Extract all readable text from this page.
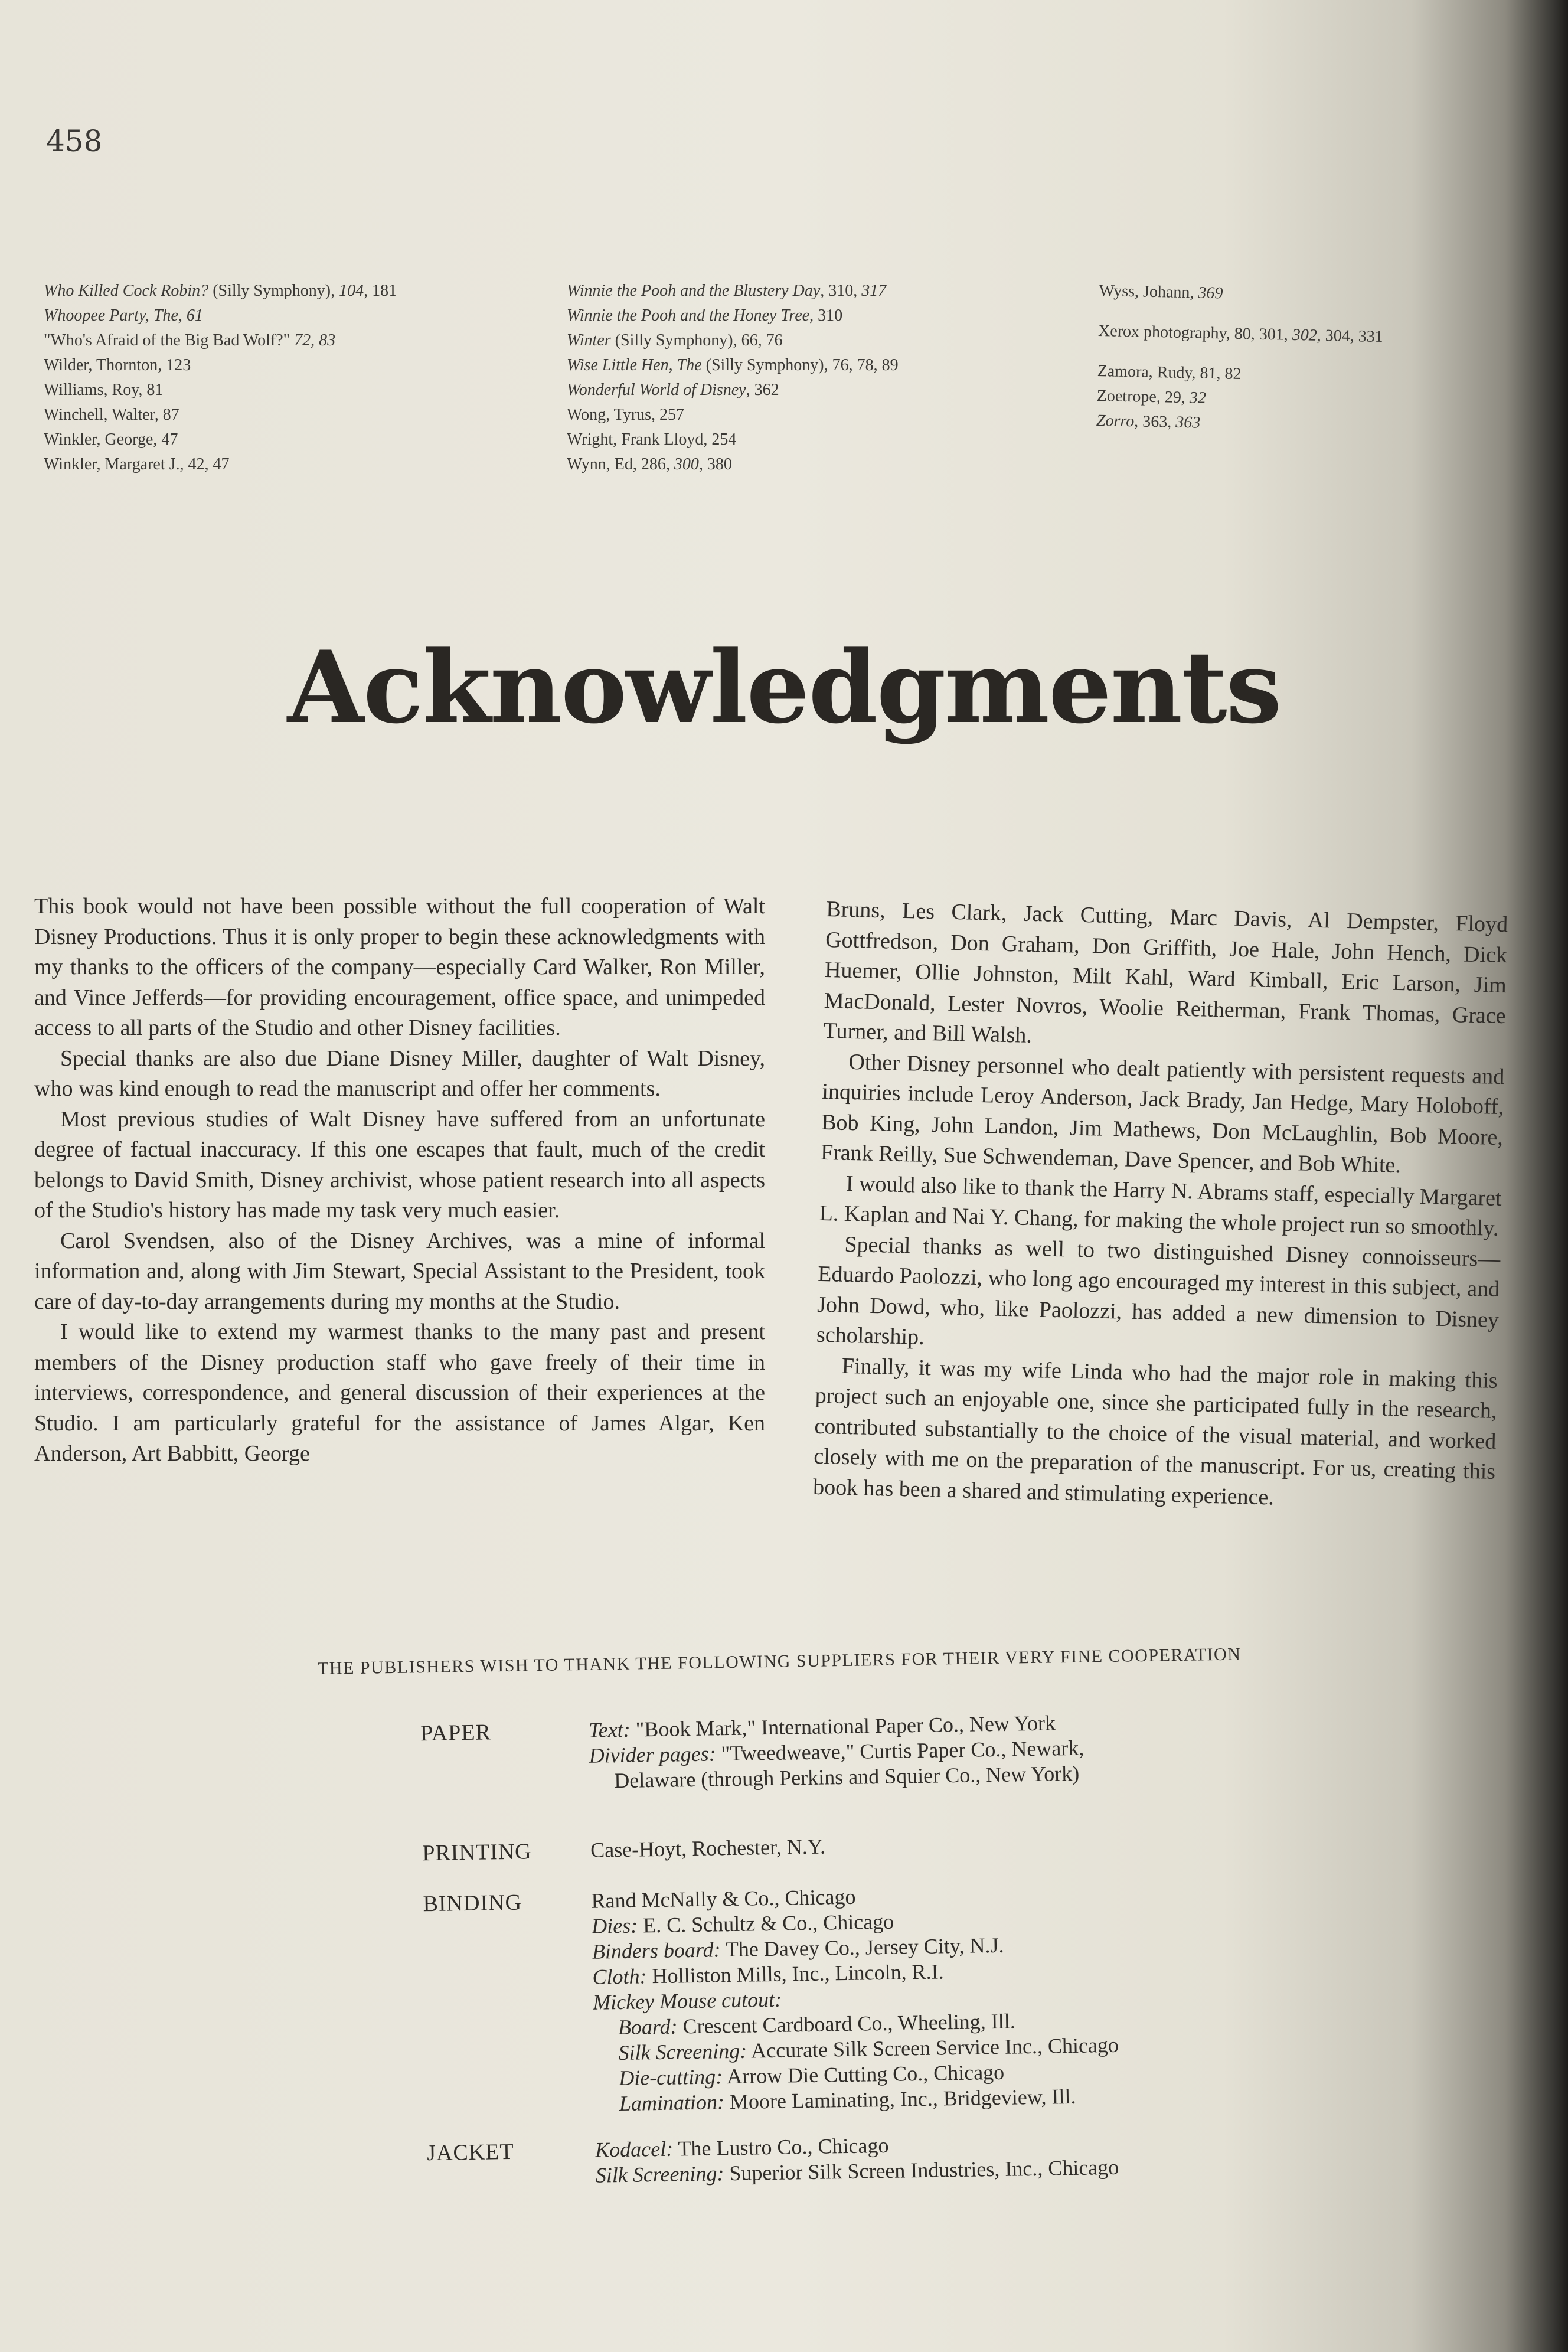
458
Who Killed Cock Robin? (Silly Symphony), 104, 181
Whoopee Party, The, 61
"Who's Afraid of the Big Bad Wolf?" 72, 83
Wilder, Thornton, 123
Williams, Roy, 81
Winchell, Walter, 87
Winkler, George, 47
Winkler, Margaret J., 42, 47
Winnie the Pooh and the Blustery Day, 310, 317
Winnie the Pooh and the Honey Tree, 310
Winter (Silly Symphony), 66, 76
Wise Little Hen, The (Silly Symphony), 76, 78, 89
Wonderful World of Disney, 362
Wong, Tyrus, 257
Wright, Frank Lloyd, 254
Wynn, Ed, 286, 300, 380
Wyss, Johann, 369
Xerox photography, 80, 301, 302, 304, 331
Zamora, Rudy, 81, 82
Zoetrope, 29, 32
Zorro, 363, 363
Acknowledgments

This book would not have been possible without the full cooperation of Walt Disney Productions. Thus it is only proper to begin these acknowledgments with my thanks to the officers of the company—especially Card Walker, Ron Miller, and Vince Jefferds—for providing encouragement, office space, and unimpeded access to all parts of the Studio and other Disney facilities.

Special thanks are also due Diane Disney Miller, daughter of Walt Disney, who was kind enough to read the manuscript and offer her comments.

Most previous studies of Walt Disney have suffered from an unfortunate degree of factual inaccuracy. If this one escapes that fault, much of the credit belongs to David Smith, Disney archivist, whose patient research into all aspects of the Studio's history has made my task very much easier.

Carol Svendsen, also of the Disney Archives, was a mine of informal information and, along with Jim Stewart, Special Assistant to the President, took care of day-to-day arrangements during my months at the Studio.

I would like to extend my warmest thanks to the many past and present members of the Disney production staff who gave freely of their time in interviews, correspondence, and general discussion of their experiences at the Studio. I am particularly grateful for the assistance of James Algar, Ken Anderson, Art Babbitt, George

Bruns, Les Clark, Jack Cutting, Marc Davis, Al Dempster, Floyd Gottfredson, Don Graham, Don Griffith, Joe Hale, John Hench, Dick Huemer, Ollie Johnston, Milt Kahl, Ward Kimball, Eric Larson, Jim MacDonald, Lester Novros, Woolie Reitherman, Frank Thomas, Grace Turner, and Bill Walsh.

Other Disney personnel who dealt patiently with persistent requests and inquiries include Leroy Anderson, Jack Brady, Jan Hedge, Mary Holoboff, Bob King, John Landon, Jim Mathews, Don McLaughlin, Bob Moore, Frank Reilly, Sue Schwendeman, Dave Spencer, and Bob White.

I would also like to thank the Harry N. Abrams staff, especially Margaret L. Kaplan and Nai Y. Chang, for making the whole project run so smoothly.

Special thanks as well to two distinguished Disney connoisseurs—Eduardo Paolozzi, who long ago encouraged my interest in this subject, and John Dowd, who, like Paolozzi, has added a new dimension to Disney scholarship.

Finally, it was my wife Linda who had the major role in making this project such an enjoyable one, since she participated fully in the research, contributed substantially to the choice of the visual material, and worked closely with me on the preparation of the manuscript. For us, creating this book has been a shared and stimulating experience.

THE PUBLISHERS WISH TO THANK THE FOLLOWING SUPPLIERS FOR THEIR VERY FINE COOPERATION
PAPER	Text: "Book Mark," International Paper Co., New York
Divider pages: "Tweedweave," Curtis Paper Co., Newark,
Delaware (through Perkins and Squier Co., New York)
PRINTING	Case-Hoyt, Rochester, N.Y.
BINDING	Rand McNally & Co., Chicago
Dies: E. C. Schultz & Co., Chicago
Binders board: The Davey Co., Jersey City, N.J.
Cloth: Holliston Mills, Inc., Lincoln, R.I.
Mickey Mouse cutout:
Board: Crescent Cardboard Co., Wheeling, Ill.
Silk Screening: Accurate Silk Screen Service Inc., Chicago
Die-cutting: Arrow Die Cutting Co., Chicago
Lamination: Moore Laminating, Inc., Bridgeview, Ill.
JACKET	Kodacel: The Lustro Co., Chicago
Silk Screening: Superior Silk Screen Industries, Inc., Chicago
